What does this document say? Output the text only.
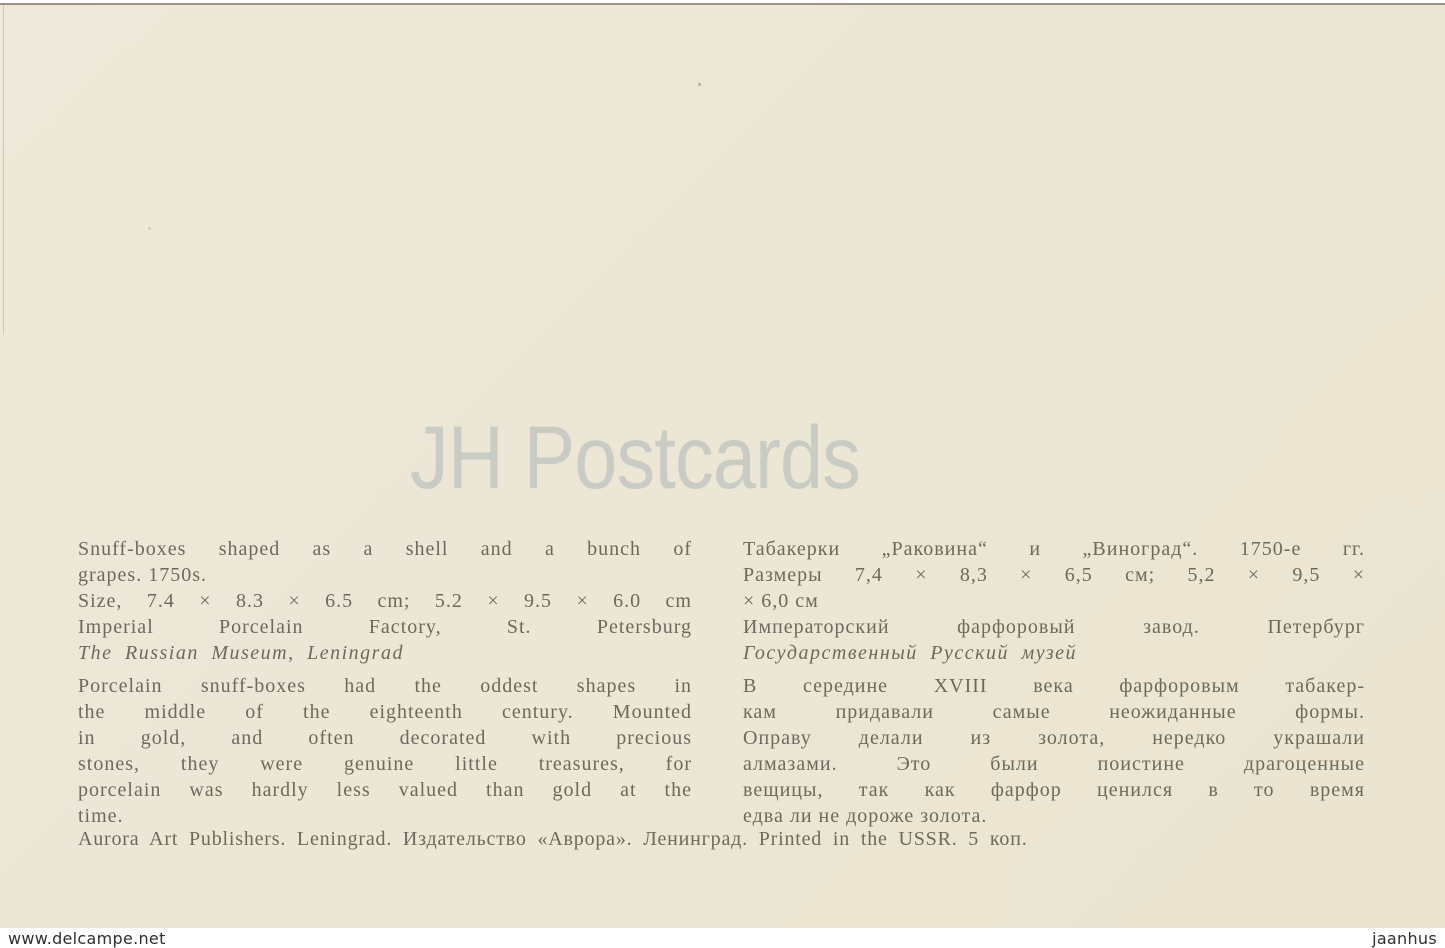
JH Postcards
Snuff-boxes shaped as a shell and a bunch of
grapes. 1750s.
Size, 7.4 × 8.3 × 6.5 cm; 5.2 × 9.5 × 6.0 cm
Imperial Porcelain Factory, St. Petersburg
The Russian Museum, Leningrad
Porcelain snuff-boxes had the oddest shapes in
the middle of the eighteenth century. Mounted
in gold, and often decorated with precious
stones, they were genuine little treasures, for
porcelain was hardly less valued than gold at the
time.
Табакерки „Раковина“ и „Виноград“. 1750-е гг.
Размеры 7,4 × 8,3 × 6,5 см; 5,2 × 9,5 ×
× 6,0 см
Императорский фарфоровый завод. Петербург
Государственный Русский музей
В середине XVIII века фарфоровым табакер-
кам придавали самые неожиданные формы.
Оправу делали из золота, нередко украшали
алмазами. Это были поистине драгоценные
вещицы, так как фарфор ценился в то время
едва ли не дороже золота.
Aurora Art Publishers. Leningrad. Издательство «Аврора». Ленинград. Printed in the USSR. 5 коп.
www.delcampe.net	jaanhus
